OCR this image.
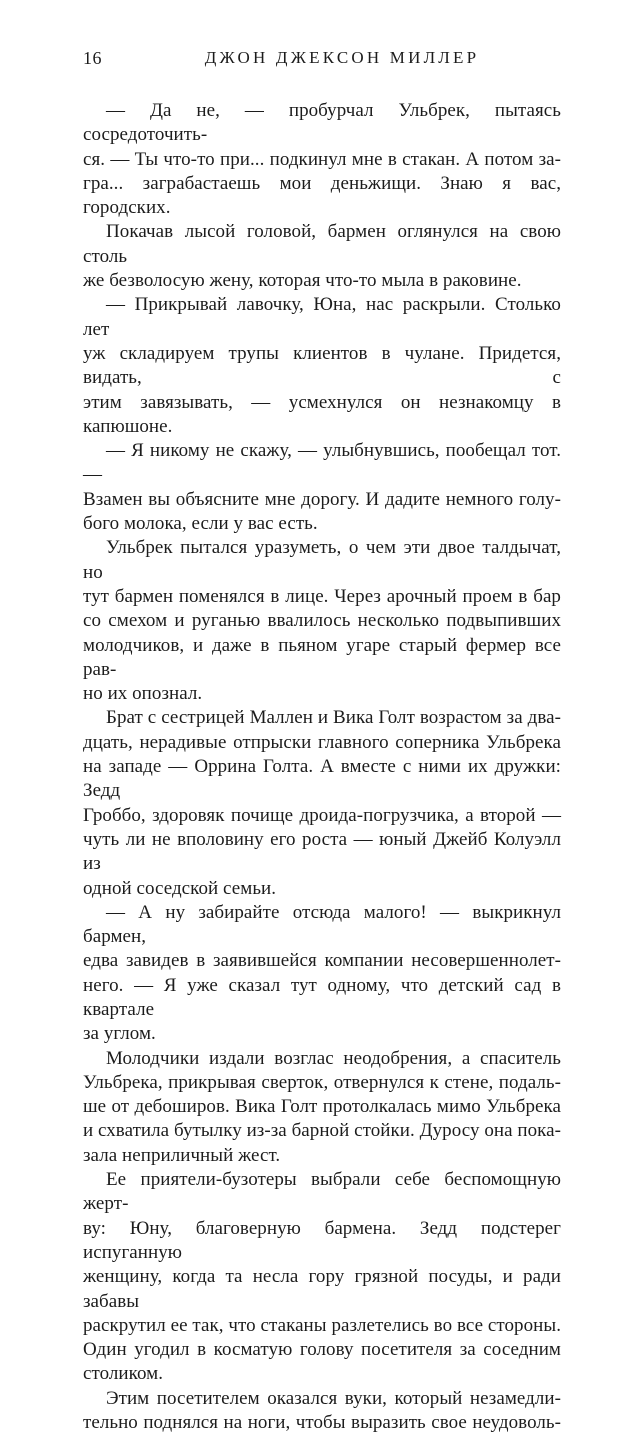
16	ДЖОН ДЖЕКСОН МИЛЛЕР

— Да не, — пробурчал Ульбрек, пытаясь сосредоточить-
ся. — Ты что-то при... подкинул мне в стакан. А потом за-
гра... заграбастаешь мои деньжищи. Знаю я вас, городских.

Покачав лысой головой, бармен оглянулся на свою столь
же безволосую жену, которая что-то мыла в раковине.

— Прикрывай лавочку, Юна, нас раскрыли. Столько лет
уж складируем трупы клиентов в чулане. Придется, видать, с
этим завязывать, — усмехнулся он незнакомцу в капюшоне.

— Я никому не скажу, — улыбнувшись, пообещал тот. —
Взамен вы объясните мне дорогу. И дадите немного голу-
бого молока, если у вас есть.

Ульбрек пытался уразуметь, о чем эти двое талдычат, но
тут бармен поменялся в лице. Через арочный проем в бар
со смехом и руганью ввалилось несколько подвыпивших
молодчиков, и даже в пьяном угаре старый фермер все рав-
но их опознал.

Брат с сестрицей Маллен и Вика Голт возрастом за два-
дцать, нерадивые отпрыски главного соперника Ульбрека
на западе — Оррина Голта. А вместе с ними их дружки: Зедд
Гроббо, здоровяк почище дроида-погрузчика, а второй —
чуть ли не вполовину его роста — юный Джейб Колуэлл из
одной соседской семьи.

— А ну забирайте отсюда малого! — выкрикнул бармен,
едва завидев в заявившейся компании несовершеннолет-
него. — Я уже сказал тут одному, что детский сад в квартале
за углом.

Молодчики издали возглас неодобрения, а спаситель
Ульбрека, прикрывая сверток, отвернулся к стене, подаль-
ше от дебоширов. Вика Голт протолкалась мимо Ульбрека
и схватила бутылку из-за барной стойки. Дуросу она пока-
зала неприличный жест.

Ее приятели-бузотеры выбрали себе беспомощную жерт-
ву: Юну, благоверную бармена. Зедд подстерег испуганную
женщину, когда та несла гору грязной посуды, и ради забавы
раскрутил ее так, что стаканы разлетелись во все стороны.
Один угодил в косматую голову посетителя за соседним
столиком.

Этим посетителем оказался вуки, который незамедли-
тельно поднялся на ноги, чтобы выразить свое неудоволь-
